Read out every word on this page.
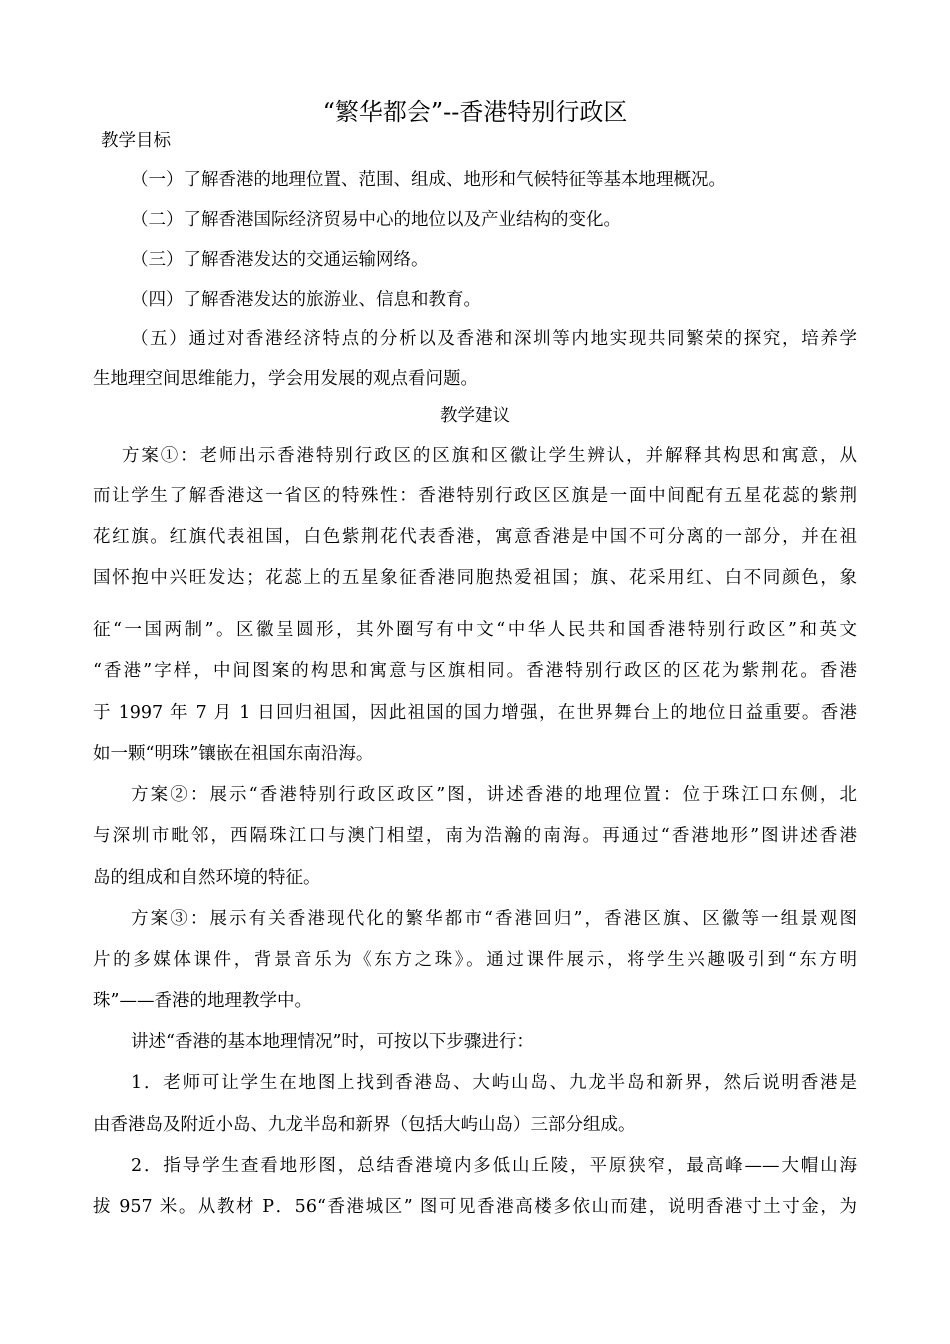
“繁华都会”--香港特别行政区
教学目标
（一）了解香港的地理位置、范围、组成、地形和气候特征等基本地理概况。
（二）了解香港国际经济贸易中心的地位以及产业结构的变化。
（三）了解香港发达的交通运输网络。
（四）了解香港发达的旅游业、信息和教育。
（五）通过对香港经济特点的分析以及香港和深圳等内地实现共同繁荣的探究，培养学
生地理空间思维能力，学会用发展的观点看问题。
教学建议
方案①：老师出示香港特别行政区的区旗和区徽让学生辨认，并解释其构思和寓意，从
而让学生了解香港这一省区的特殊性：香港特别行政区区旗是一面中间配有五星花蕊的紫荆
花红旗。红旗代表祖国，白色紫荆花代表香港，寓意香港是中国不可分离的一部分，并在祖
国怀抱中兴旺发达；花蕊上的五星象征香港同胞热爱祖国；旗、花采用红、白不同颜色，象
征“一国两制”。区徽呈圆形，其外圈写有中文“中华人民共和国香港特别行政区”和英文
“香港”字样，中间图案的构思和寓意与区旗相同。香港特别行政区的区花为紫荆花。香港
于 1997 年 7 月 1 日回归祖国，因此祖国的国力增强，在世界舞台上的地位日益重要。香港
如一颗“明珠”镶嵌在祖国东南沿海。
方案②：展示“香港特别行政区政区”图，讲述香港的地理位置：位于珠江口东侧，北
与深圳市毗邻，西隔珠江口与澳门相望，南为浩瀚的南海。再通过“香港地形”图讲述香港
岛的组成和自然环境的特征。
方案③：展示有关香港现代化的繁华都市“香港回归”，香港区旗、区徽等一组景观图
片的多媒体课件，背景音乐为《东方之珠》。通过课件展示，将学生兴趣吸引到“东方明
珠”——香港的地理教学中。
讲述“香港的基本地理情况”时，可按以下步骤进行：
1．老师可让学生在地图上找到香港岛、大屿山岛、九龙半岛和新界，然后说明香港是
由香港岛及附近小岛、九龙半岛和新界（包括大屿山岛）三部分组成。
2．指导学生查看地形图，总结香港境内多低山丘陵，平原狭窄，最高峰——大帽山海
拔 957 米。从教材 P．56“香港城区” 图可见香港高楼多依山而建，说明香港寸土寸金，为
